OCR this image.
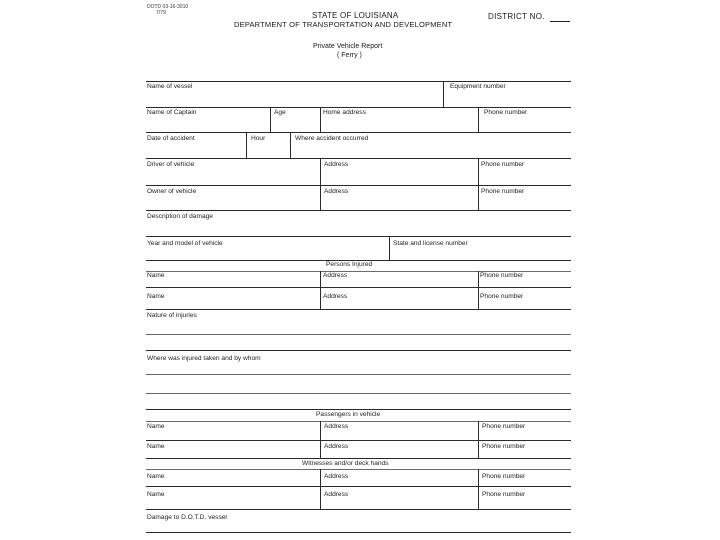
DOTD 03-16-3010
7/79	STATE OF LOUISIANA
DEPARTMENT OF TRANSPORTATION AND DEVELOPMENT
DISTRICT NO.
Private Vehicle Report
( Ferry )
Name of vessel	Equipment number
Name of Captain	Age	Home address	Phone number
Date of accident	Hour	Where accident occurred
Driver of vehicle	Address	Phone number
Owner of vehicle	Address	Phone number
Description of damage
Year and model of vehicle	State and license number
Persons Injured
Name	Address	Phone number
Name	Address	Phone number
Nature of injuries
Where was injured taken and by whom
Passengers in vehicle
Name	Address	Phone number
Name	Address	Phone number
Witnesses and/or deck hands
Name	Address	Phone number
Name	Address	Phone number
Damage to D.O.T.D. vessel
